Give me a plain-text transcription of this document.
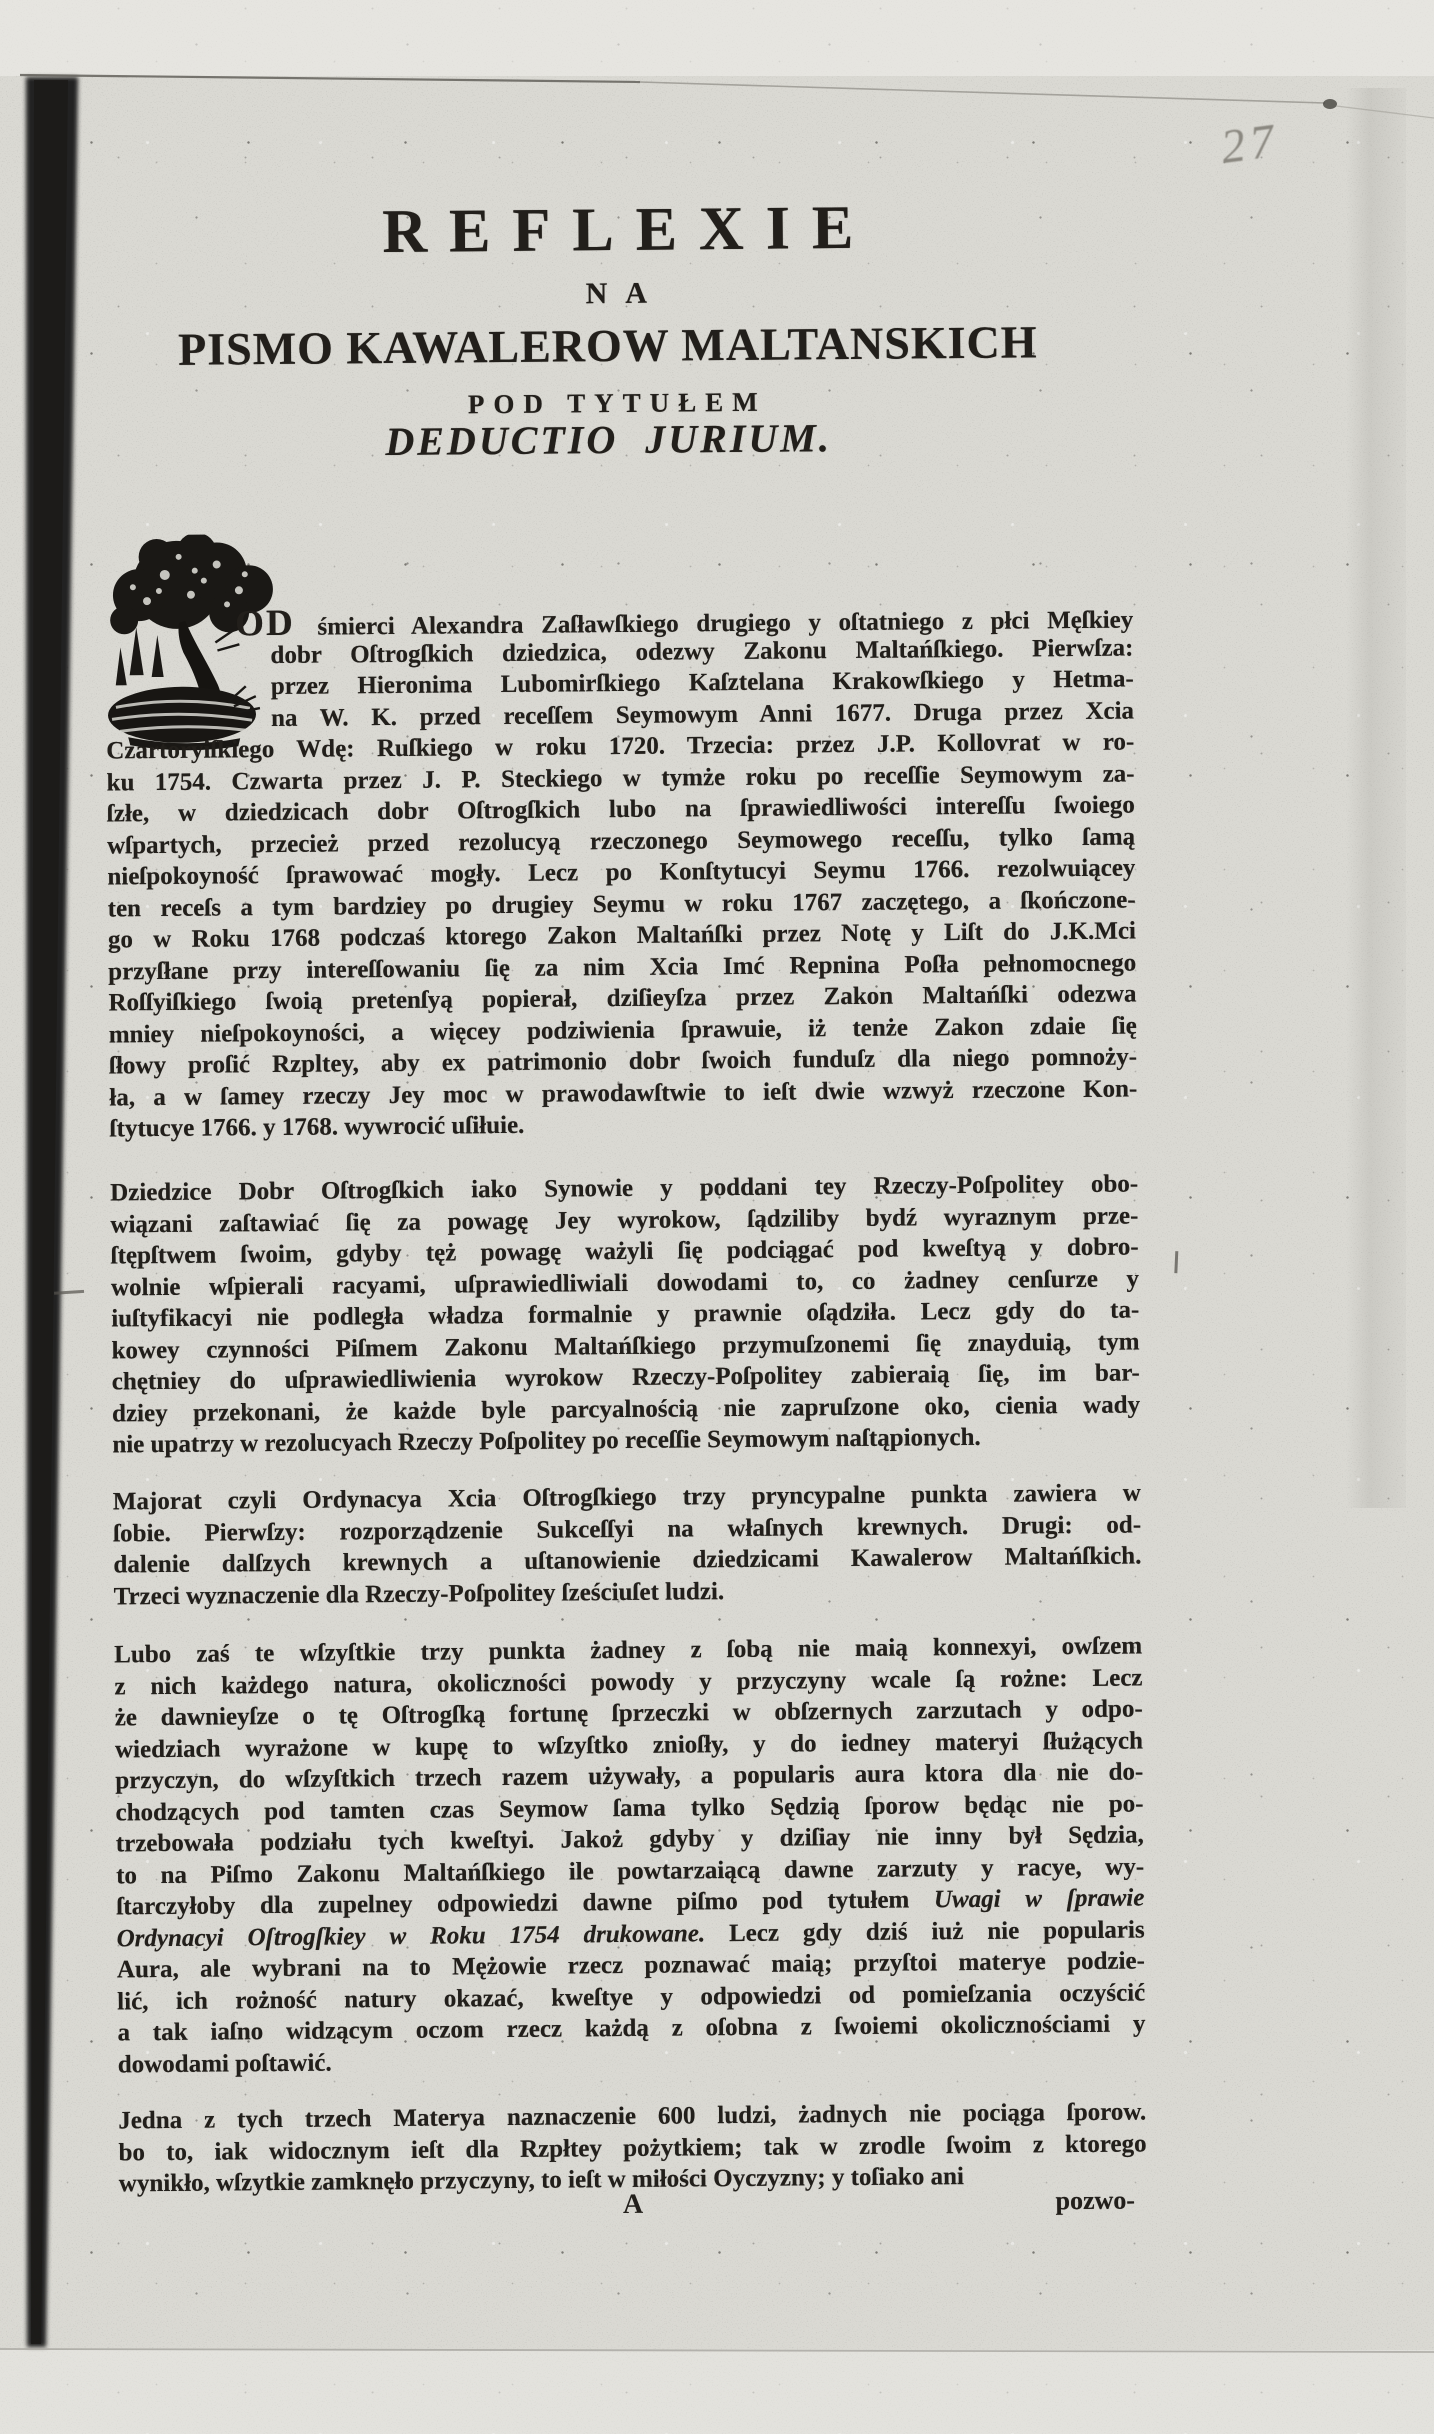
27
REFLEXIE
NA
PISMO KAWALEROW MALTANSKICH
POD TYTUŁEM
DEDUCTIO JURIUM.
OD śmierci Alexandra Zaſławſkiego drugiego y oſtatniego z płci Męſkiey
dobr Oſtrogſkich dziedzica, odezwy Zakonu Maltańſkiego. Pierwſza:
przez Hieronima Lubomirſkiego Kaſztelana Krakowſkiego y Hetma-
na W. K. przed receſſem Seymowym Anni 1677. Druga przez Xcia
Czartoryiſkiego Wdę: Ruſkiego w roku 1720. Trzecia: przez J.P. Kollovrat w ro-
ku 1754. Czwarta przez J. P. Steckiego w tymże roku po receſſie Seymowym za-
ſzłe, w dziedzicach dobr Oſtrogſkich lubo na ſprawiedliwości intereſſu ſwoiego
wſpartych, przecież przed rezolucyą rzeczonego Seymowego receſſu, tylko ſamą
nieſpokoyność ſprawować mogły. Lecz po Konſtytucyi Seymu 1766. rezolwuiącey
ten receſs a tym bardziey po drugiey Seymu w roku 1767 zaczętego, a ſkończone-
go w Roku 1768 podczaś ktorego Zakon Maltańſki przez Notę y Liſt do J.K.Mci
przyſłane przy intereſſowaniu ſię za nim Xcia Imć Repnina Poſła pełnomocnego
Roſſyiſkiego ſwoią pretenſyą popierał, dziſieyſza przez Zakon Maltańſki odezwa
mniey nieſpokoyności, a więcey podziwienia ſprawuie, iż tenże Zakon zdaie ſię
ſłowy proſić Rzpltey, aby ex patrimonio dobr ſwoich funduſz dla niego pomnoży-
ła, a w ſamey rzeczy Jey moc w prawodawſtwie to ieſt dwie wzwyż rzeczone Kon-
ſtytucye 1766. y 1768. wywrocić uſiłuie.
Dziedzice Dobr Oſtrogſkich iako Synowie y poddani tey Rzeczy-Poſpolitey obo-
wiązani zaſtawiać ſię za powagę Jey wyrokow, ſądziliby bydź wyraznym prze-
ſtępſtwem ſwoim, gdyby tęż powagę ważyli ſię podciągać pod kweſtyą y dobro-
wolnie wſpierali racyami, uſprawiedliwiali dowodami to, co żadney cenſurze y
iuſtyfikacyi nie podległa władza formalnie y prawnie oſądziła. Lecz gdy do ta-
kowey czynności Piſmem Zakonu Maltańſkiego przymuſzonemi ſię znayduią, tym
chętniey do uſprawiedliwienia wyrokow Rzeczy-Poſpolitey zabieraią ſię, im bar-
dziey przekonani, że każde byle parcyalnością nie zapruſzone oko, cienia wady
nie upatrzy w rezolucyach Rzeczy Poſpolitey po receſſie Seymowym naſtąpionych.
Majorat czyli Ordynacya Xcia Oſtrogſkiego trzy pryncypalne punkta zawiera w
ſobie. Pierwſzy: rozporządzenie Sukceſſyi na właſnych krewnych. Drugi: od-
dalenie dalſzych krewnych a uſtanowienie dziedzicami Kawalerow Maltańſkich.
Trzeci wyznaczenie dla Rzeczy-Poſpolitey ſześciuſet ludzi.
Lubo zaś te wſzyſtkie trzy punkta żadney z ſobą nie maią konnexyi, owſzem
z nich każdego natura, okoliczności powody y przyczyny wcale ſą rożne: Lecz
że dawnieyſze o tę Oſtrogſką fortunę ſprzeczki w obſzernych zarzutach y odpo-
wiedziach wyrażone w kupę to wſzyſtko znioſły, y do iedney materyi ſłużących
przyczyn, do wſzyſtkich trzech razem używały, a popularis aura ktora dla nie do-
chodzących pod tamten czas Seymow ſama tylko Sędzią ſporow będąc nie po-
trzebowała podziału tych kweſtyi. Jakoż gdyby y dziſiay nie inny był Sędzia,
to na Piſmo Zakonu Maltańſkiego ile powtarzaiącą dawne zarzuty y racye, wy-
ſtarczyłoby dla zupelney odpowiedzi dawne piſmo pod tytułem Uwagi w ſprawie
Ordynacyi Oſtrogſkiey w Roku 1754 drukowane. Lecz gdy dziś iuż nie popularis
Aura, ale wybrani na to Mężowie rzecz poznawać maią; przyſtoi materye podzie-
lić, ich rożność natury okazać, kweſtye y odpowiedzi od pomieſzania oczyścić
a tak iaſno widzącym oczom rzecz każdą z oſobna z ſwoiemi okolicznościami y
dowodami poſtawić.
Jedna z tych trzech Materya naznaczenie 600 ludzi, żadnych nie pociąga ſporow.
bo to, iak widocznym ieſt dla Rzpłtey pożytkiem; tak w zrodle ſwoim z ktorego
wynikło, wſzytkie zamknęło przyczyny, to ieſt w miłości Oyczyzny; y toſiako ani
A	pozwo-
